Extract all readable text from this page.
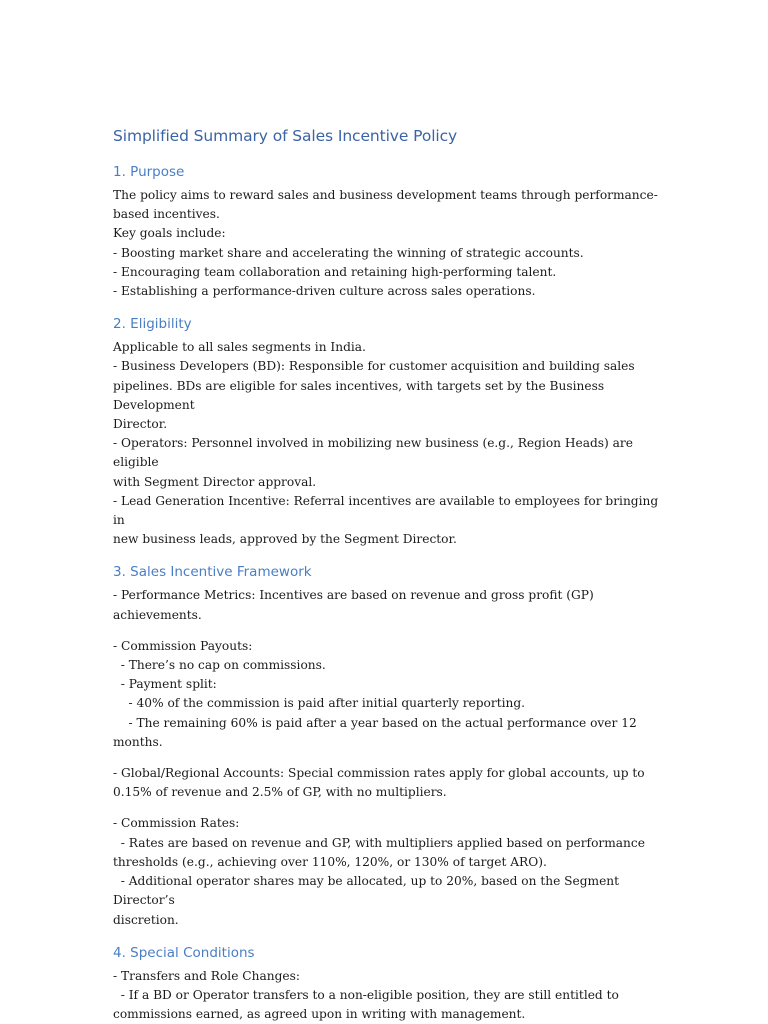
Simplified Summary of Sales Incentive Policy
1. Purpose

The policy aims to reward sales and business development teams through performance-
based incentives.
Key goals include:
- Boosting market share and accelerating the winning of strategic accounts.
- Encouraging team collaboration and retaining high-performing talent.
- Establishing a performance-driven culture across sales operations.

2. Eligibility

Applicable to all sales segments in India.
- Business Developers (BD): Responsible for customer acquisition and building sales
pipelines. BDs are eligible for sales incentives, with targets set by the Business Development
Director.
- Operators: Personnel involved in mobilizing new business (e.g., Region Heads) are eligible
with Segment Director approval.
- Lead Generation Incentive: Referral incentives are available to employees for bringing in
new business leads, approved by the Segment Director.

3. Sales Incentive Framework

- Performance Metrics: Incentives are based on revenue and gross profit (GP) achievements.

- Commission Payouts:
- There’s no cap on commissions.
- Payment split:
- 40% of the commission is paid after initial quarterly reporting.
- The remaining 60% is paid after a year based on the actual performance over 12
months.

- Global/Regional Accounts: Special commission rates apply for global accounts, up to
0.15% of revenue and 2.5% of GP, with no multipliers.

- Commission Rates:
- Rates are based on revenue and GP, with multipliers applied based on performance
thresholds (e.g., achieving over 110%, 120%, or 130% of target ARO).
- Additional operator shares may be allocated, up to 20%, based on the Segment Director’s
discretion.

4. Special Conditions

- Transfers and Role Changes:
- If a BD or Operator transfers to a non-eligible position, they are still entitled to
commissions earned, as agreed upon in writing with management.
